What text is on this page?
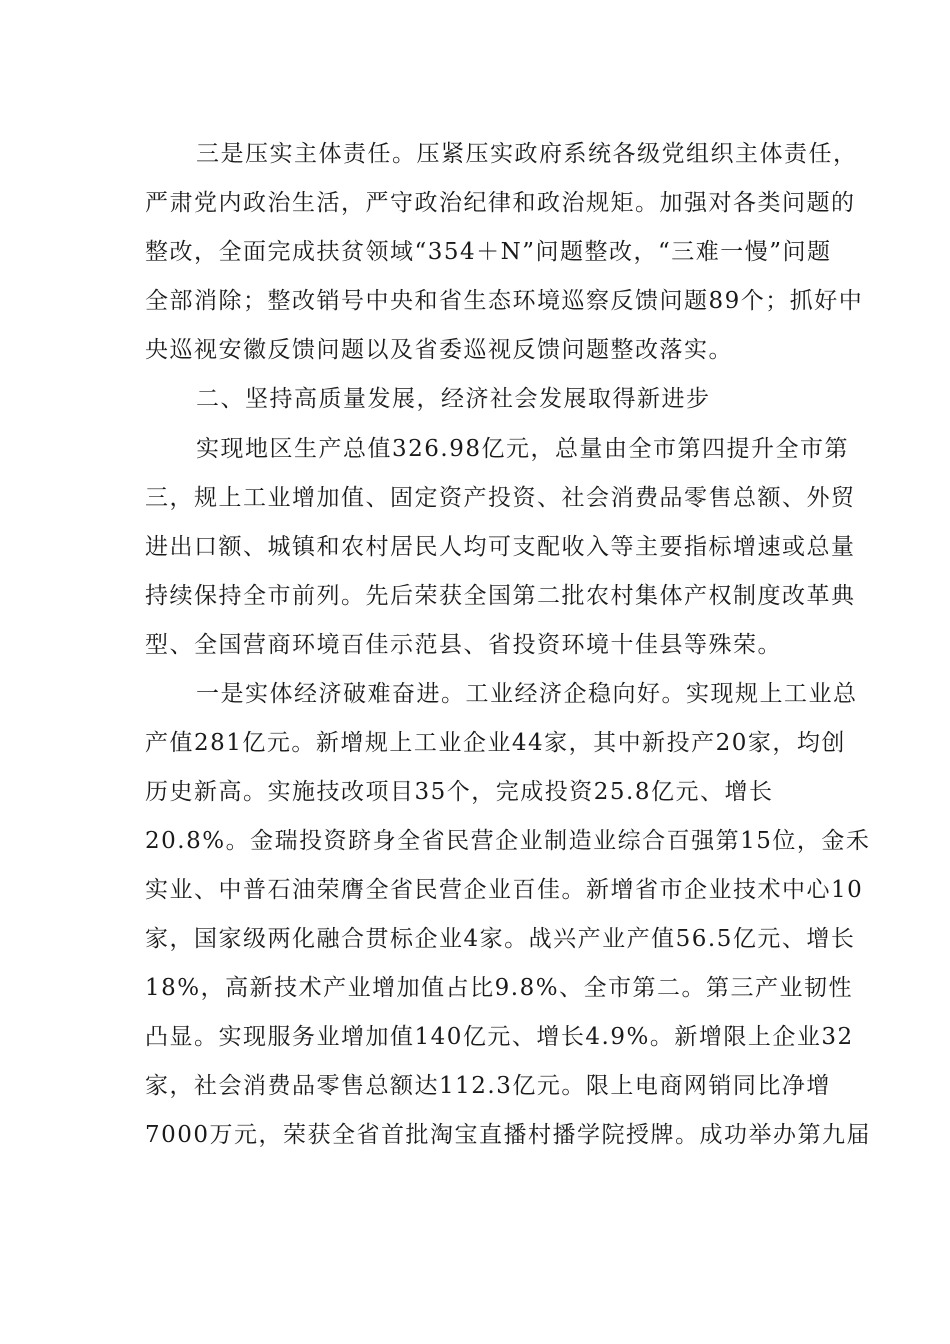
三是压实主体责任。压紧压实政府系统各级党组织主体责任，
严肃党内政治生活，严守政治纪律和政治规矩。加强对各类问题的
整改，全面完成扶贫领域“354＋N”问题整改，“三难一慢”问题
全部消除；整改销号中央和省生态环境巡察反馈问题89个；抓好中
央巡视安徽反馈问题以及省委巡视反馈问题整改落实。
二、坚持高质量发展，经济社会发展取得新进步
实现地区生产总值326.98亿元，总量由全市第四提升全市第
三，规上工业增加值、固定资产投资、社会消费品零售总额、外贸
进出口额、城镇和农村居民人均可支配收入等主要指标增速或总量
持续保持全市前列。先后荣获全国第二批农村集体产权制度改革典
型、全国营商环境百佳示范县、省投资环境十佳县等殊荣。
一是实体经济破难奋进。工业经济企稳向好。实现规上工业总
产值281亿元。新增规上工业企业44家，其中新投产20家，均创
历史新高。实施技改项目35个，完成投资25.8亿元、增长
20.8%。金瑞投资跻身全省民营企业制造业综合百强第15位，金禾
实业、中普石油荣膺全省民营企业百佳。新增省市企业技术中心10
家，国家级两化融合贯标企业4家。战兴产业产值56.5亿元、增长
18%，高新技术产业增加值占比9.8%、全市第二。第三产业韧性
凸显。实现服务业增加值140亿元、增长4.9%。新增限上企业32
家，社会消费品零售总额达112.3亿元。限上电商网销同比净增
7000万元，荣获全省首批淘宝直播村播学院授牌。成功举办第九届
